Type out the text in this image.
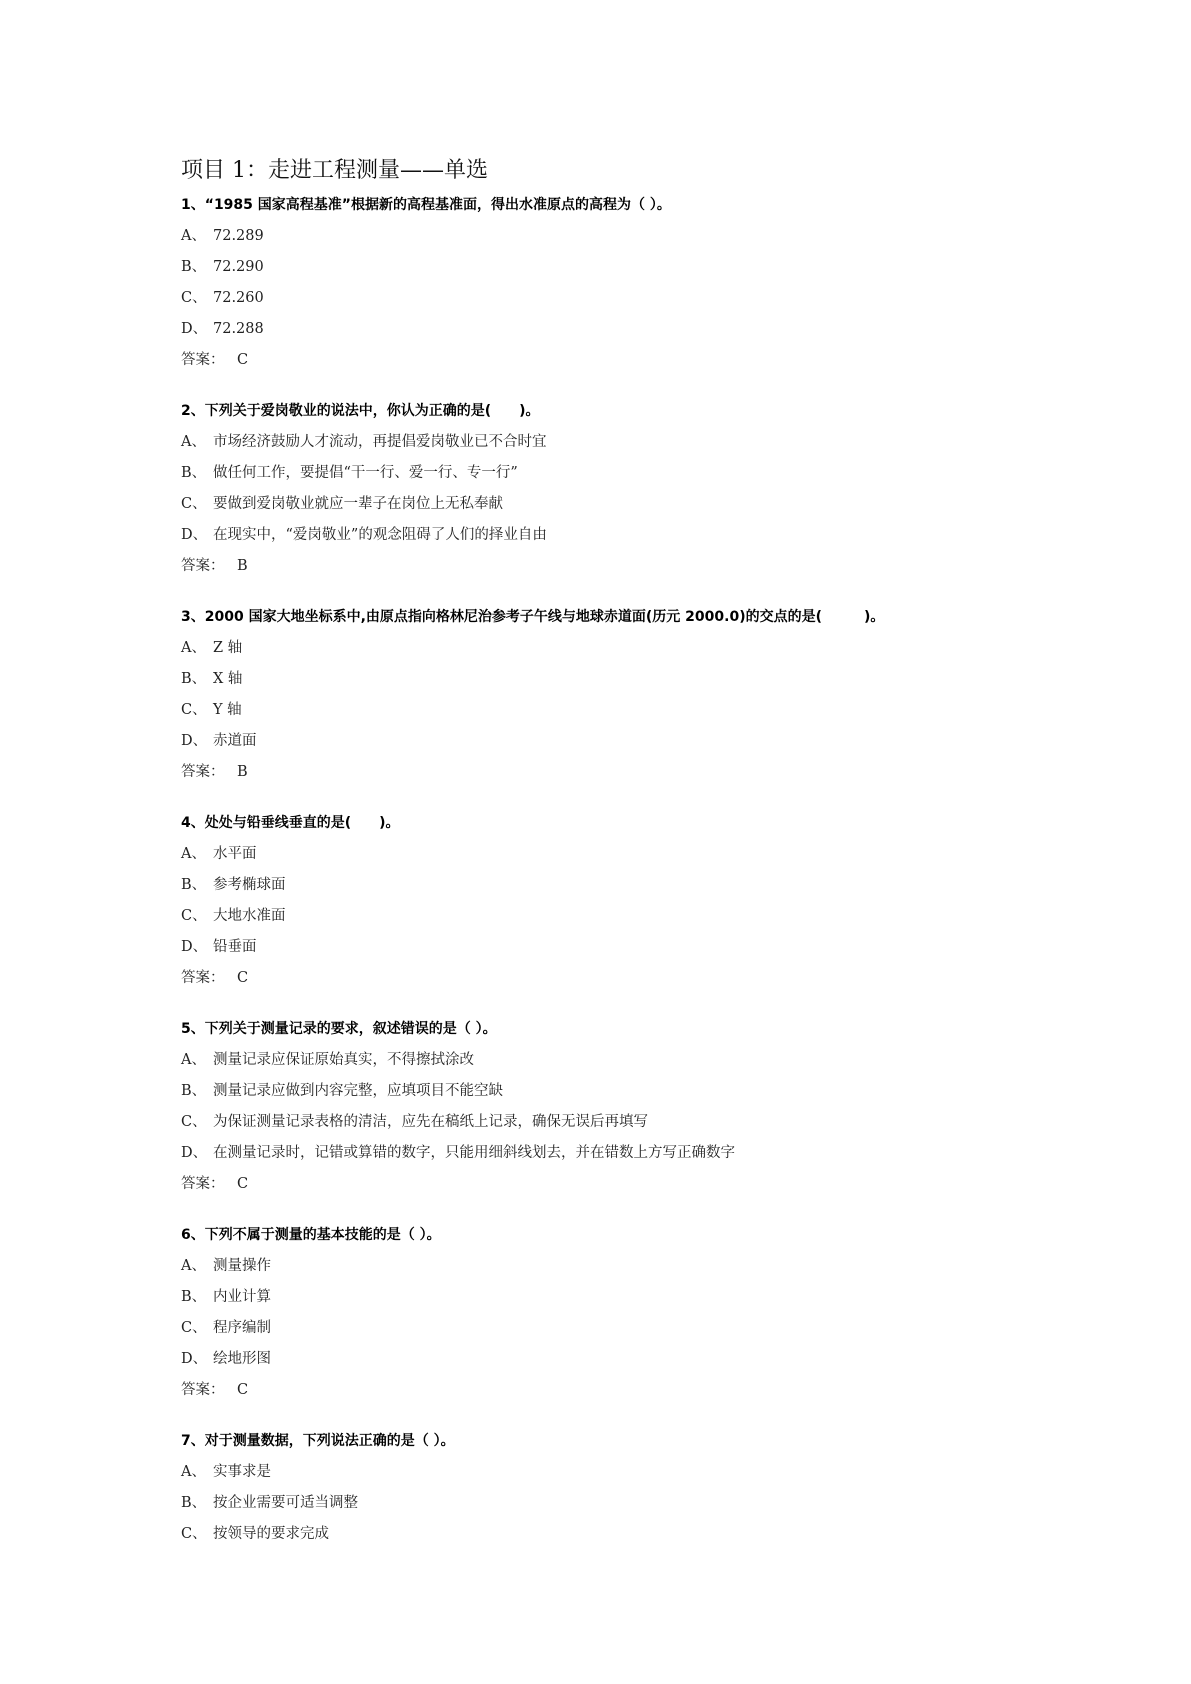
项目 1：走进工程测量——单选
1、“1985 国家高程基准”根据新的高程基准面，得出水准原点的高程为（ ）。
A、 72.289
B、 72.290
C、 72.260
D、 72.288
答案： C
2、下列关于爱岗敬业的说法中，你认为正确的是(　　)。
A、 市场经济鼓励人才流动，再提倡爱岗敬业已不合时宜
B、 做任何工作，要提倡“干一行、爱一行、专一行”
C、 要做到爱岗敬业就应一辈子在岗位上无私奉献
D、 在现实中，“爱岗敬业”的观念阻碍了人们的择业自由
答案： B
3、2000 国家大地坐标系中,由原点指向格林尼治参考子午线与地球赤道面(历元 2000.0)的交点的是(　　　)。
A、 Z 轴
B、 X 轴
C、 Y 轴
D、 赤道面
答案： B
4、处处与铅垂线垂直的是(　　)。
A、 水平面
B、 参考椭球面
C、 大地水准面
D、 铅垂面
答案： C
5、下列关于测量记录的要求，叙述错误的是（ ）。
A、 测量记录应保证原始真实，不得擦拭涂改
B、 测量记录应做到内容完整，应填项目不能空缺
C、 为保证测量记录表格的清洁，应先在稿纸上记录，确保无误后再填写
D、 在测量记录时，记错或算错的数字，只能用细斜线划去，并在错数上方写正确数字
答案： C
6、下列不属于测量的基本技能的是（ ）。
A、 测量操作
B、 内业计算
C、 程序编制
D、 绘地形图
答案： C
7、对于测量数据，下列说法正确的是（ ）。
A、 实事求是
B、 按企业需要可适当调整
C、 按领导的要求完成
